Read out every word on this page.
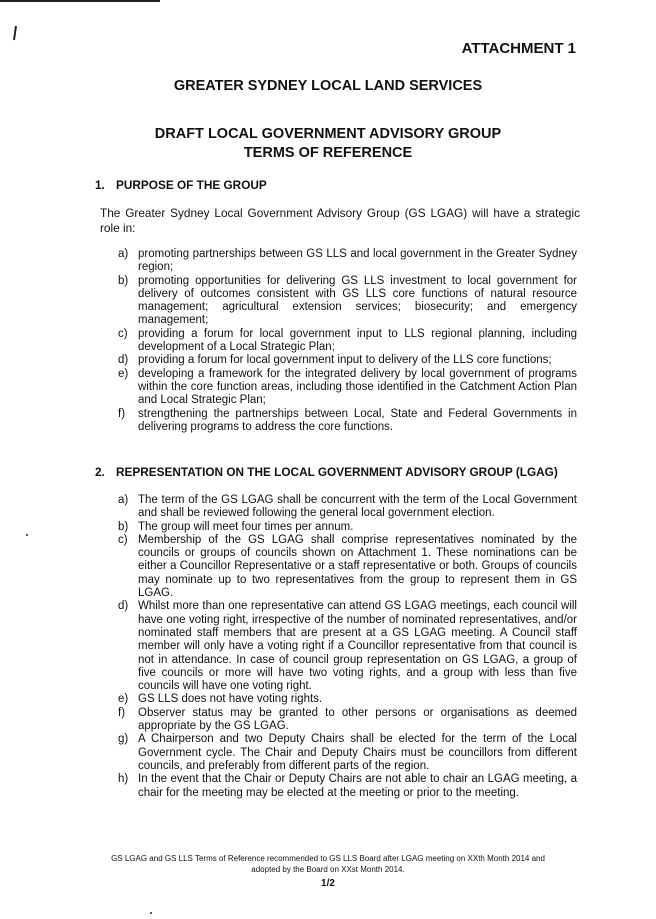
ATTACHMENT 1
GREATER SYDNEY LOCAL LAND SERVICES
DRAFT LOCAL GOVERNMENT ADVISORY GROUP
TERMS OF REFERENCE
1. PURPOSE OF THE GROUP

The Greater Sydney Local Government Advisory Group (GS LGAG) will have a strategic role in:

a) promoting partnerships between GS LLS and local government in the Greater Sydney region;
b) promoting opportunities for delivering GS LLS investment to local government for delivery of outcomes consistent with GS LLS core functions of natural resource management; agricultural extension services; biosecurity; and emergency management;
c) providing a forum for local government input to LLS regional planning, including development of a Local Strategic Plan;
d) providing a forum for local government input to delivery of the LLS core functions;
e) developing a framework for the integrated delivery by local government of programs within the core function areas, including those identified in the Catchment Action Plan and Local Strategic Plan;
f) strengthening the partnerships between Local, State and Federal Governments in delivering programs to address the core functions.
2. REPRESENTATION ON THE LOCAL GOVERNMENT ADVISORY GROUP (LGAG)
a) The term of the GS LGAG shall be concurrent with the term of the Local Government and shall be reviewed following the general local government election.
b) The group will meet four times per annum.
c) Membership of the GS LGAG shall comprise representatives nominated by the councils or groups of councils shown on Attachment 1. These nominations can be either a Councillor Representative or a staff representative or both. Groups of councils may nominate up to two representatives from the group to represent them in GS LGAG.
d) Whilst more than one representative can attend GS LGAG meetings, each council will have one voting right, irrespective of the number of nominated representatives, and/or nominated staff members that are present at a GS LGAG meeting. A Council staff member will only have a voting right if a Councillor representative from that council is not in attendance. In case of council group representation on GS LGAG, a group of five councils or more will have two voting rights, and a group with less than five councils will have one voting right.
e) GS LLS does not have voting rights.
f) Observer status may be granted to other persons or organisations as deemed appropriate by the GS LGAG.
g) A Chairperson and two Deputy Chairs shall be elected for the term of the Local Government cycle. The Chair and Deputy Chairs must be councillors from different councils, and preferably from different parts of the region.
h) In the event that the Chair or Deputy Chairs are not able to chair an LGAG meeting, a chair for the meeting may be elected at the meeting or prior to the meeting.
GS LGAG and GS LLS Terms of Reference recommended to GS LLS Board after LGAG meeting on XXth Month 2014 and
adopted by the Board on XXst Month 2014.
1/2
